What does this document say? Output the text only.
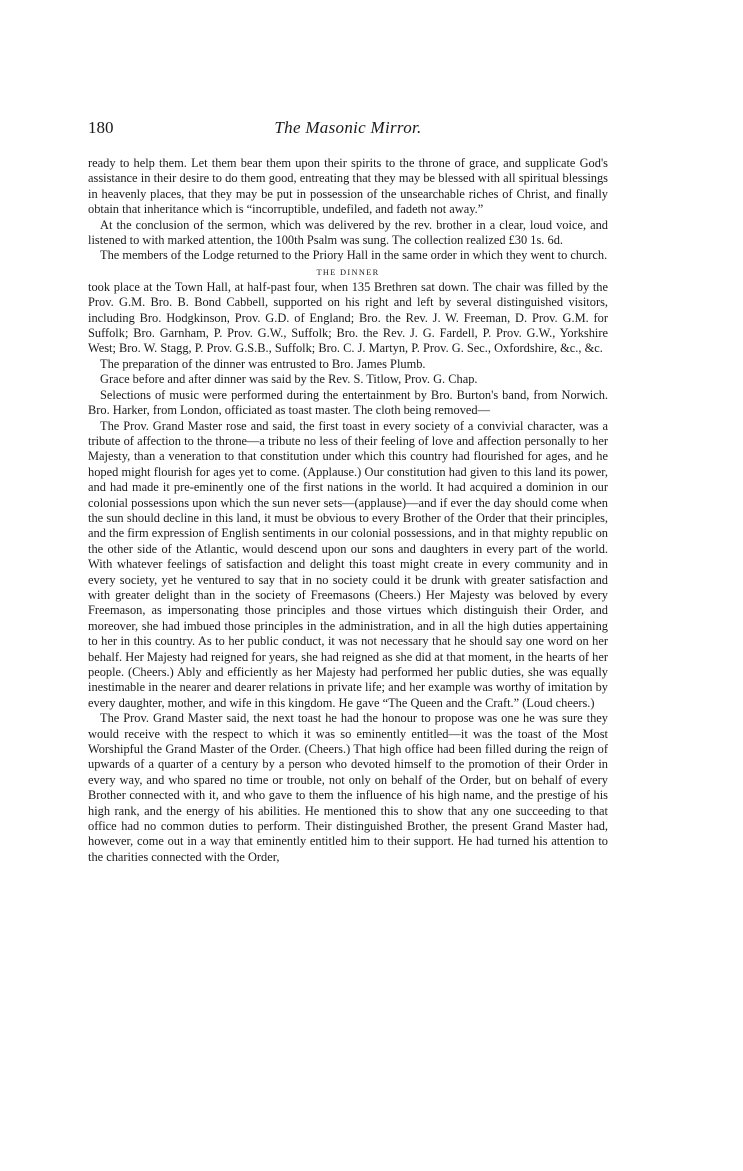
180	The Masonic Mirror.

ready to help them. Let them bear them upon their spirits to the throne of grace, and supplicate God's assistance in their desire to do them good, entreating that they may be blessed with all spiritual blessings in heavenly places, that they may be put in possession of the unsearchable riches of Christ, and finally obtain that inheritance which is “incorruptible, undefiled, and fadeth not away.”

At the conclusion of the sermon, which was delivered by the rev. brother in a clear, loud voice, and listened to with marked attention, the 100th Psalm was sung. The collection realized £30 1s. 6d.

The members of the Lodge returned to the Priory Hall in the same order in which they went to church.

THE DINNER

took place at the Town Hall, at half-past four, when 135 Brethren sat down. The chair was filled by the Prov. G.M. Bro. B. Bond Cabbell, supported on his right and left by several distinguished visitors, including Bro. Hodgkinson, Prov. G.D. of England; Bro. the Rev. J. W. Freeman, D. Prov. G.M. for Suffolk; Bro. Garnham, P. Prov. G.W., Suffolk; Bro. the Rev. J. G. Fardell, P. Prov. G.W., Yorkshire West; Bro. W. Stagg, P. Prov. G.S.B., Suffolk; Bro. C. J. Martyn, P. Prov. G. Sec., Oxfordshire, &c., &c.

The preparation of the dinner was entrusted to Bro. James Plumb.

Grace before and after dinner was said by the Rev. S. Titlow, Prov. G. Chap.

Selections of music were performed during the entertainment by Bro. Burton's band, from Norwich. Bro. Harker, from London, officiated as toast master. The cloth being removed—

The Prov. Grand Master rose and said, the first toast in every society of a convivial character, was a tribute of affection to the throne—a tribute no less of their feeling of love and affection personally to her Majesty, than a veneration to that constitution under which this country had flourished for ages, and he hoped might flourish for ages yet to come. (Applause.) Our constitution had given to this land its power, and had made it pre-eminently one of the first nations in the world. It had acquired a dominion in our colonial possessions upon which the sun never sets—(applause)—and if ever the day should come when the sun should decline in this land, it must be obvious to every Brother of the Order that their principles, and the firm expression of English sentiments in our colonial possessions, and in that mighty republic on the other side of the Atlantic, would descend upon our sons and daughters in every part of the world. With whatever feelings of satisfaction and delight this toast might create in every community and in every society, yet he ventured to say that in no society could it be drunk with greater satisfaction and with greater delight than in the society of Freemasons (Cheers.) Her Majesty was beloved by every Freemason, as impersonating those principles and those virtues which distinguish their Order, and moreover, she had imbued those principles in the administration, and in all the high duties appertaining to her in this country. As to her public conduct, it was not necessary that he should say one word on her behalf. Her Majesty had reigned for years, she had reigned as she did at that moment, in the hearts of her people. (Cheers.) Ably and efficiently as her Majesty had performed her public duties, she was equally inestimable in the nearer and dearer relations in private life; and her example was worthy of imitation by every daughter, mother, and wife in this kingdom. He gave “The Queen and the Craft.” (Loud cheers.)

The Prov. Grand Master said, the next toast he had the honour to propose was one he was sure they would receive with the respect to which it was so eminently entitled—it was the toast of the Most Worshipful the Grand Master of the Order. (Cheers.) That high office had been filled during the reign of upwards of a quarter of a century by a person who devoted himself to the promotion of their Order in every way, and who spared no time or trouble, not only on behalf of the Order, but on behalf of every Brother connected with it, and who gave to them the influence of his high name, and the prestige of his high rank, and the energy of his abilities. He mentioned this to show that any one succeeding to that office had no common duties to perform. Their distinguished Brother, the present Grand Master had, however, come out in a way that eminently entitled him to their support. He had turned his attention to the charities connected with the Order,
